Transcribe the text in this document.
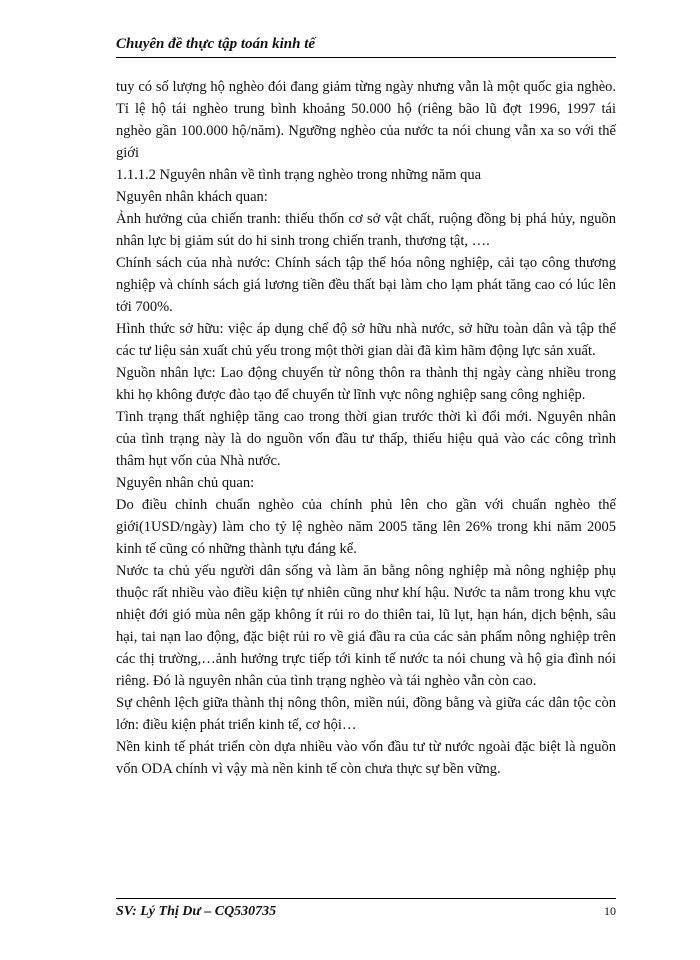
Chuyên đề thực tập toán kinh tế

tuy có số lượng hộ nghèo đói đang giảm từng ngày nhưng vẫn là một quốc gia nghèo. Tỉ lệ hộ tái nghèo trung bình khoảng 50.000 hộ (riêng bão lũ đợt 1996, 1997 tái nghèo gần 100.000 hộ/năm). Ngưỡng nghèo của nước ta nói chung vẫn xa so với thế giới

1.1.1.2 Nguyên nhân về tình trạng nghèo trong những năm qua

Nguyên nhân khách quan:

Ảnh hưởng của chiến tranh: thiếu thốn cơ sở vật chất, ruộng đồng bị phá hủy, nguồn nhân lực bị giảm sút do hi sinh trong chiến tranh, thương tật, ….

Chính sách của nhà nước: Chính sách tập thể hóa nông nghiệp, cải tạo công thương nghiệp và chính sách giá lương tiền đều thất bại làm cho lạm phát tăng cao có lúc lên tới 700%.

Hình thức sở hữu: việc áp dụng chế độ sở hữu nhà nước, sở hữu toàn dân và tập thể các tư liệu sản xuất chủ yếu trong một thời gian dài đã kìm hãm động lực sản xuất.

Nguồn nhân lực: Lao động chuyển từ nông thôn ra thành thị ngày càng nhiều trong khi họ không được đào tạo để chuyển từ lĩnh vực nông nghiệp sang công nghiệp.

Tình trạng thất nghiệp tăng cao trong thời gian trước thời kì đổi mới. Nguyên nhân của tình trạng này là do nguồn vốn đầu tư thấp, thiếu hiệu quả vào các công trình thâm hụt vốn của Nhà nước.

Nguyên nhân chủ quan:

Do điều chỉnh chuẩn nghèo của chính phủ lên cho gần với chuẩn nghèo thế giới(1USD/ngày) làm cho tỷ lệ nghèo năm 2005 tăng lên 26% trong khi năm 2005 kinh tế cũng có những thành tựu đáng kể.

Nước ta chủ yếu người dân sống và làm ăn bằng nông nghiệp mà nông nghiệp phụ thuộc rất nhiều vào điều kiện tự nhiên cũng như khí hậu. Nước ta nằm trong khu vực nhiệt đới gió mùa nên gặp không ít rủi ro do thiên tai, lũ lụt, hạn hán, dịch bệnh, sâu hại, tai nạn lao động, đặc biệt rủi ro về giá đầu ra của các sản phẩm nông nghiệp trên các thị trường,…ảnh hưởng trực tiếp tới kinh tế nước ta nói chung và hộ gia đình nói riêng. Đó là nguyên nhân của tình trạng nghèo và tái nghèo vẫn còn cao.

Sự chênh lệch giữa thành thị nông thôn, miền núi, đồng bằng và giữa các dân tộc còn lớn: điều kiện phát triển kinh tế, cơ hội…

Nền kinh tế phát triển còn dựa nhiều vào vốn đầu tư từ nước ngoài đặc biệt là nguồn vốn ODA chính vì vậy mà nền kinh tế còn chưa thực sự bền vững.

SV: Lý Thị Dư – CQ530735	10
